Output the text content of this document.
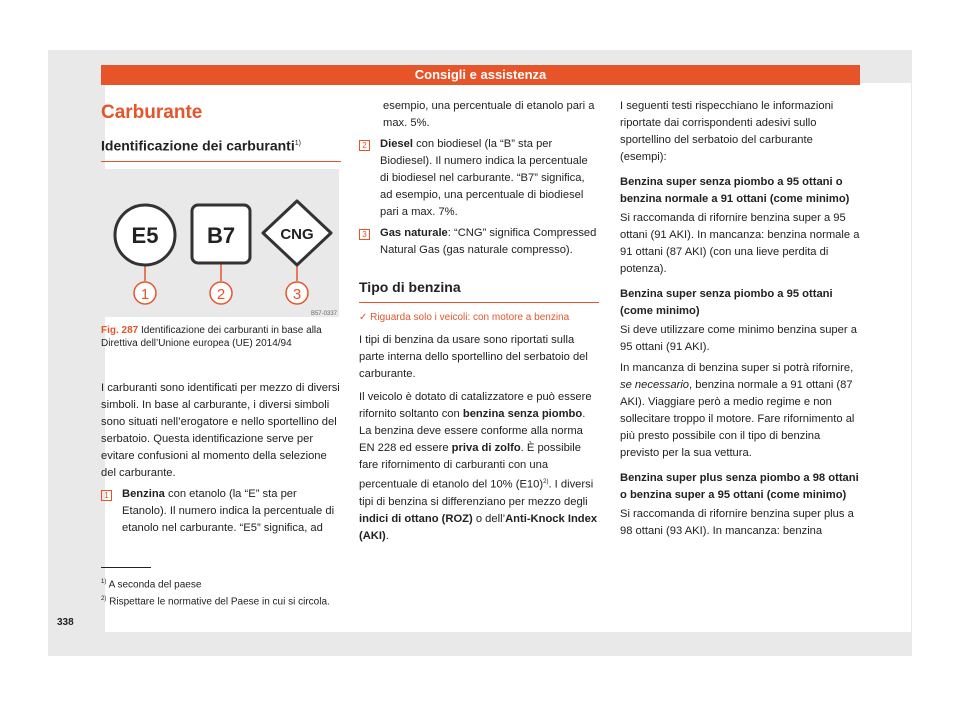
Consigli e assistenza
Carburante
Identificazione dei carburanti$^{1)}$
E5 B7	CNG
1	2	3
B57-0337
Fig. 287 Identificazione dei carburanti in base alla Direttiva dell’Unione europea (UE) 2014/94

I carburanti sono identificati per mezzo di diversi simboli. In base al carburante, i diversi simboli sono situati nell’erogatore e nello sportellino del serbatoio. Questa identificazione serve per evitare confusioni al momento della selezione del carburante.

1	Benzina con etanolo (la “E” sta per Etanolo). Il numero indica la percentuale di etanolo nel carburante. “E5” significa, ad

esempio, una percentuale di etanolo pari a max. 5%.

2	Diesel con biodiesel (la “B” sta per Biodiesel). Il numero indica la percentuale di biodiesel nel carburante. “B7” significa, ad esempio, una percentuale di biodiesel pari a max. 7%.
3	Gas naturale: “CNG” significa Compressed Natural Gas (gas naturale compresso).
Tipo di benzina

✓ Riguarda solo i veicoli: con motore a benzina

I tipi di benzina da usare sono riportati sulla parte interna dello sportellino del serbatoio del carburante.

Il veicolo è dotato di catalizzatore e può essere rifornito soltanto con benzina senza piombo. La benzina deve essere conforme alla norma EN 228 ed essere priva di zolfo. È possibile fare rifornimento di carburanti con una percentuale di etanolo del 10% $(E10)^{2)}$. I diversi tipi di benzina si differenziano per mezzo degli indici di ottano (ROZ) o dell’Anti-Knock Index (AKI).

I seguenti testi rispecchiano le informazioni riportate dai corrispondenti adesivi sullo sportellino del serbatoio del carburante (esempi):

Benzina super senza piombo a 95 ottani o benzina normale a 91 ottani (come minimo)

Si raccomanda di rifornire benzina super a 95 ottani (91 AKI). In mancanza: benzina normale a 91 ottani (87 AKI) (con una lieve perdita di potenza).

Benzina super senza piombo a 95 ottani (come minimo)

Si deve utilizzare come minimo benzina super a 95 ottani (91 AKI).

In mancanza di benzina super si potrà rifornire, se necessario, benzina normale a 91 ottani (87 AKI). Viaggiare però a medio regime e non sollecitare troppo il motore. Fare rifornimento al più presto possibile con il tipo di benzina previsto per la sua vettura.

Benzina super plus senza piombo a 98 ottani o benzina super a 95 ottani (come minimo)

Si raccomanda di rifornire benzina super plus a 98 ottani (93 AKI). In mancanza: benzina

$^{1)}$ A seconda del paese
$^{2)}$ Rispettare le normative del Paese in cui si circola.
338
